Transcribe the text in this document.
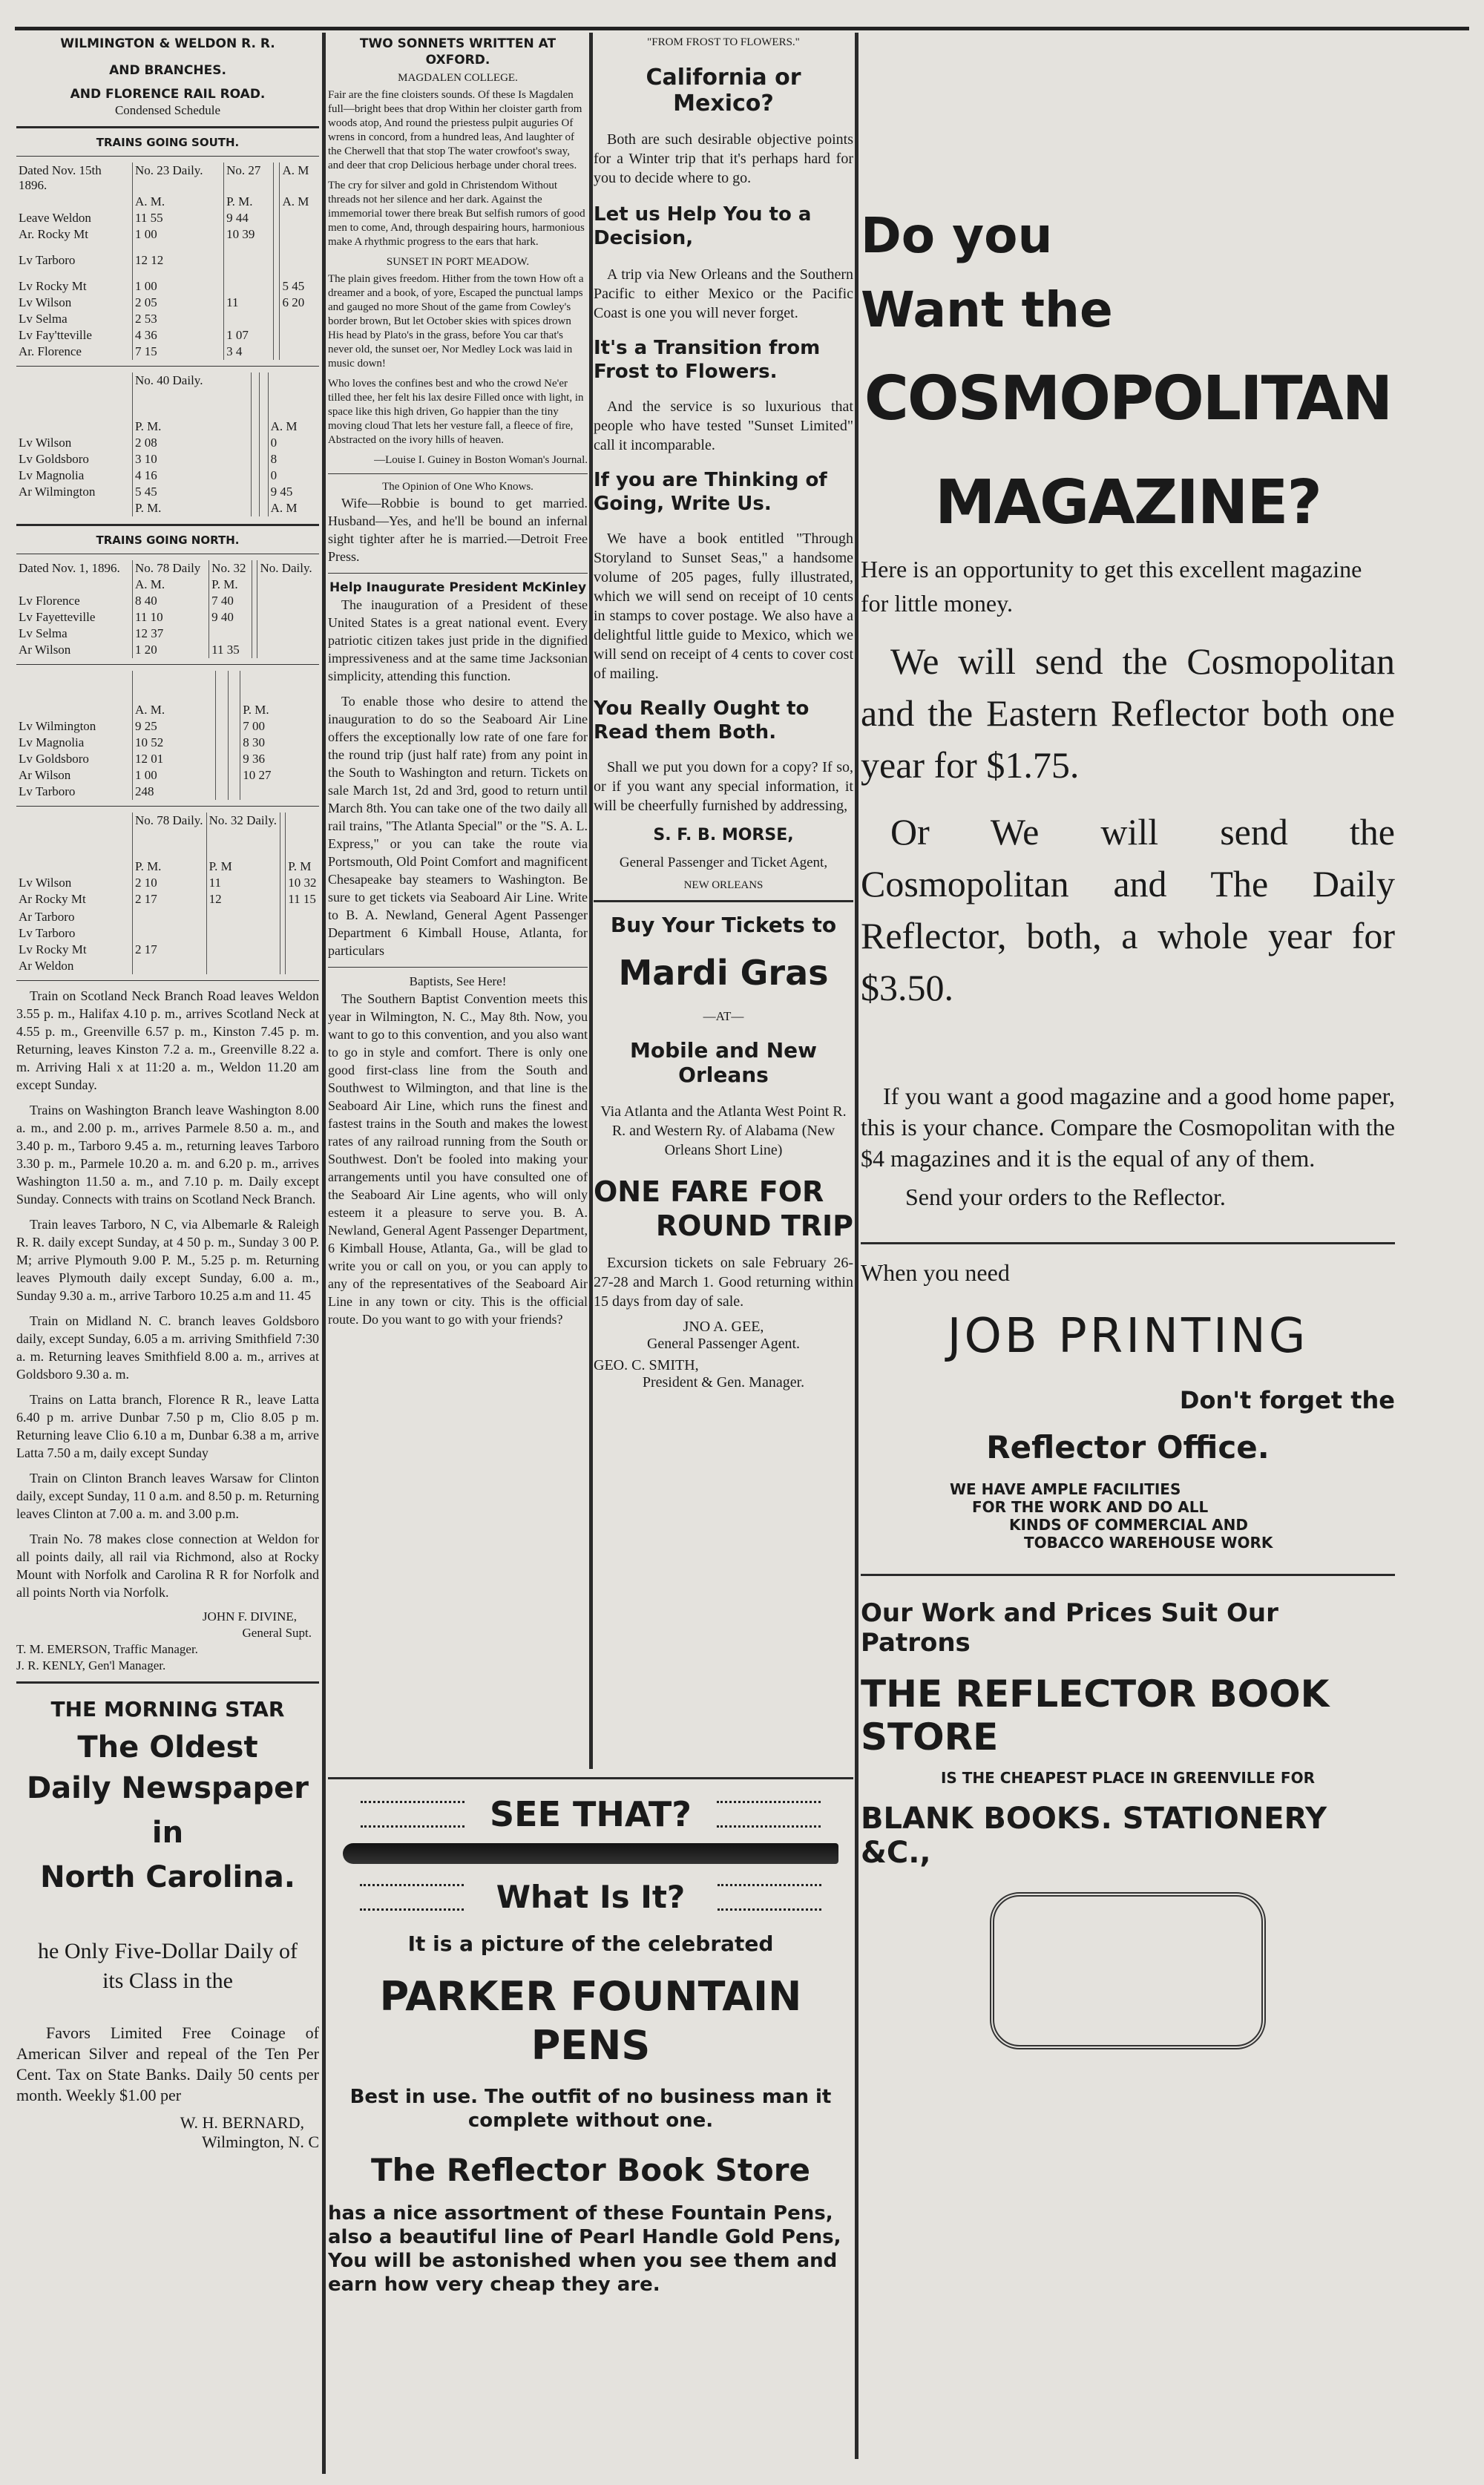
WILMINGTON & WELDON R. R.
AND BRANCHES.
AND FLORENCE RAIL ROAD.
Condensed Schedule
TRAINS GOING SOUTH.
Dated Nov. 15th 1896.	No. 23 Daily.	No. 27		A. M
	A. M.	P. M.		A. M
Leave Weldon	11 55	9 44		
Ar. Rocky Mt	1 00	10 39		
Lv Tarboro	12 12			
Lv Rocky Mt	1 00			5 45
Lv Wilson	2 05	11		6 20
Lv Selma	2 53			
Lv Fay'tteville	4 36	1 07		
Ar. Florence	7 15	3 4		
	No. 40 Daily.			
	P. M.			A. M
Lv Wilson	2 08			0
Lv Goldsboro	3 10			8
Lv Magnolia	4 16			0
Ar Wilmington	5 45			9 45
	P. M.			A. M
TRAINS GOING NORTH.
Dated Nov. 1, 1896.	No. 78 Daily	No. 32		No. Daily.
	A. M.	P. M.		
Lv Florence	8 40	7 40		
Lv Fayetteville	11 10	9 40		
Lv Selma	12 37			
Ar Wilson	1 20	11 35		

	A. M.			P. M.
Lv Wilmington	9 25			7 00
Lv Magnolia	10 52			8 30
Lv Goldsboro	12 01			9 36
Ar Wilson	1 00			10 27
Lv Tarboro	248			
	No. 78 Daily.	No. 32 Daily.		
	P. M.	P. M		P. M
Lv Wilson	2 10	11		10 32
Ar Rocky Mt	2 17	12		11 15

Ar Tarboro				
Lv Tarboro				
Lv Rocky Mt	2 17			
Ar Weldon				

Train on Scotland Neck Branch Road leaves Weldon 3.55 p. m., Halifax 4.10 p. m., arrives Scotland Neck at 4.55 p. m., Greenville 6.57 p. m., Kinston 7.45 p. m. Returning, leaves Kinston 7.2 a. m., Greenville 8.22 a. m. Arriving Hali x at 11:20 a. m., Weldon 11.20 am except Sunday.

Trains on Washington Branch leave Washington 8.00 a. m., and 2.00 p. m., arrives Parmele 8.50 a. m., and 3.40 p. m., Tarboro 9.45 a. m., returning leaves Tarboro 3.30 p. m., Parmele 10.20 a. m. and 6.20 p. m., arrives Washington 11.50 a. m., and 7.10 p. m. Daily except Sunday. Connects with trains on Scotland Neck Branch.

Train leaves Tarboro, N C, via Albemarle & Raleigh R. R. daily except Sunday, at 4 50 p. m., Sunday 3 00 P. M; arrive Plymouth 9.00 P. M., 5.25 p. m. Returning leaves Plymouth daily except Sunday, 6.00 a. m., Sunday 9.30 a. m., arrive Tarboro 10.25 a.m and 11. 45

Train on Midland N. C. branch leaves Goldsboro daily, except Sunday, 6.05 a m. arriving Smithfield 7:30 a. m. Returning leaves Smithfield 8.00 a. m., arrives at Goldsboro 9.30 a. m.

Trains on Latta branch, Florence R R., leave Latta 6.40 p m. arrive Dunbar 7.50 p m, Clio 8.05 p m. Returning leave Clio 6.10 a m, Dunbar 6.38 a m, arrive Latta 7.50 a m, daily except Sunday

Train on Clinton Branch leaves Warsaw for Clinton daily, except Sunday, 11 0 a.m. and 8.50 p. m. Returning leaves Clinton at 7.00 a. m. and 3.00 p.m.

Train No. 78 makes close connection at Weldon for all points daily, all rail via Richmond, also at Rocky Mount with Norfolk and Carolina R R for Norfolk and all points North via Norfolk.

JOHN F. DIVINE,
General Supt.
T. M. EMERSON, Traffic Manager.
J. R. KENLY, Gen'l Manager.
THE MORNING STAR
The Oldest
Daily Newspaper in
North Carolina.
he Only Five-Dollar Daily of
its Class in the

Favors Limited Free Coinage of American Silver and repeal of the Ten Per Cent. Tax on State Banks. Daily 50 cents per month. Weekly $1.00 per

W. H. BERNARD,
Wilmington, N. C
TWO SONNETS WRITTEN AT OXFORD.
MAGDALEN COLLEGE.

Fair are the fine cloisters sounds. Of these Is Magdalen full—bright bees that drop Within her cloister garth from woods atop, And round the priestess pulpit auguries Of wrens in concord, from a hundred leas, And laughter of the Cherwell that that stop The water crowfoot's sway, and deer that crop Delicious herbage under choral trees.

The cry for silver and gold in Christendom Without threads not her silence and her dark. Against the immemorial tower there break But selfish rumors of good men to come, And, through despairing hours, harmonious make A rhythmic progress to the ears that hark.

SUNSET IN PORT MEADOW.

The plain gives freedom. Hither from the town How oft a dreamer and a book, of yore, Escaped the punctual lamps and gauged no more Shout of the game from Cowley's border brown, But let October skies with spices drown His head by Plato's in the grass, before You car that's never old, the sunset oer, Nor Medley Lock was laid in music down!

Who loves the confines best and who the crowd Ne'er tilled thee, her felt his lax desire Filled once with light, in space like this high driven, Go happier than the tiny moving cloud That lets her vesture fall, a fleece of fire, Abstracted on the ivory hills of heaven.

—Louise I. Guiney in Boston Woman's Journal.
The Opinion of One Who Knows.

Wife—Robbie is bound to get married. Husband—Yes, and he'll be bound an infernal sight tighter after he is married.—Detroit Free Press.

Help Inaugurate President McKinley

The inauguration of a President of these United States is a great national event. Every patriotic citizen takes just pride in the dignified impressiveness and at the same time Jacksonian simplicity, attending this function.

To enable those who desire to attend the inauguration to do so the Seaboard Air Line offers the exceptionally low rate of one fare for the round trip (just half rate) from any point in the South to Washington and return. Tickets on sale March 1st, 2d and 3rd, good to return until March 8th. You can take one of the two daily all rail trains, "The Atlanta Special" or the "S. A. L. Express," or you can take the route via Portsmouth, Old Point Comfort and magnificent Chesapeake bay steamers to Washington. Be sure to get tickets via Seaboard Air Line. Write to B. A. Newland, General Agent Passenger Department 6 Kimball House, Atlanta, for particulars

Baptists, See Here!

The Southern Baptist Convention meets this year in Wilmington, N. C., May 8th. Now, you want to go to this convention, and you also want to go in style and comfort. There is only one good first-class line from the South and Southwest to Wilmington, and that line is the Seaboard Air Line, which runs the finest and fastest trains in the South and makes the lowest rates of any railroad running from the South or Southwest. Don't be fooled into making your arrangements until you have consulted one of the Seaboard Air Line agents, who will only esteem it a pleasure to serve you. B. A. Newland, General Agent Passenger Department, 6 Kimball House, Atlanta, Ga., will be glad to write you or call on you, or you can apply to any of the representatives of the Seaboard Air Line in any town or city. This is the official route. Do you want to go with your friends?

"FROM FROST TO FLOWERS."
California or Mexico?

Both are such desirable objective points for a Winter trip that it's perhaps hard for you to decide where to go.

Let us Help You to a Decision,

A trip via New Orleans and the Southern Pacific to either Mexico or the Pacific Coast is one you will never forget.

It's a Transition from Frost to Flowers.

And the service is so luxurious that people who have tested "Sunset Limited" call it incomparable.

If you are Thinking of Going, Write Us.

We have a book entitled "Through Storyland to Sunset Seas," a handsome volume of 205 pages, fully illustrated, which we will send on receipt of 10 cents in stamps to cover postage. We also have a delightful little guide to Mexico, which we will send on receipt of 4 cents to cover cost of mailing.

You Really Ought to Read them Both.

Shall we put you down for a copy? If so, or if you want any special information, it will be cheerfully furnished by addressing,

S. F. B. MORSE,
General Passenger and Ticket Agent,
NEW ORLEANS
Buy Your Tickets to
Mardi Gras
—AT—
Mobile and New Orleans

Via Atlanta and the Atlanta West Point R. R. and Western Ry. of Alabama (New Orleans Short Line)

ONE FARE FOR
ROUND TRIP

Excursion tickets on sale February 26-27-28 and March 1. Good returning within 15 days from day of sale.

JNO A. GEE,
General Passenger Agent.
GEO. C. SMITH,
President & Gen. Manager.
SEE THAT?
What Is It?
It is a picture of the celebrated
PARKER FOUNTAIN PENS
Best in use. The outfit of no business man it complete without one.
The Reflector Book Store
has a nice assortment of these Fountain Pens, also a beautiful line of Pearl Handle Gold Pens, You will be astonished when you see them and earn how very cheap they are.
Do you
Want the
COSMOPOLITAN
MAGAZINE?

Here is an opportunity to get this excellent magazine for little money.

We will send the Cosmopolitan and the Eastern Reflector both one year for $1.75.

Or We will send the Cosmopolitan and The Daily Reflector, both, a whole year for $3.50.

If you want a good magazine and a good home paper, this is your chance. Compare the Cosmopolitan with the $4 magazines and it is the equal of any of them.

Send your orders to the Reflector.

When you need
JOB PRINTING
Don't forget the
Reflector Office.
WE HAVE AMPLE FACILITIES
FOR THE WORK AND DO ALL
KINDS OF COMMERCIAL AND
TOBACCO WAREHOUSE WORK
Our Work and Prices Suit Our Patrons
THE REFLECTOR BOOK STORE
IS THE CHEAPEST PLACE IN GREENVILLE FOR
BLANK BOOKS. STATIONERY &C.,
